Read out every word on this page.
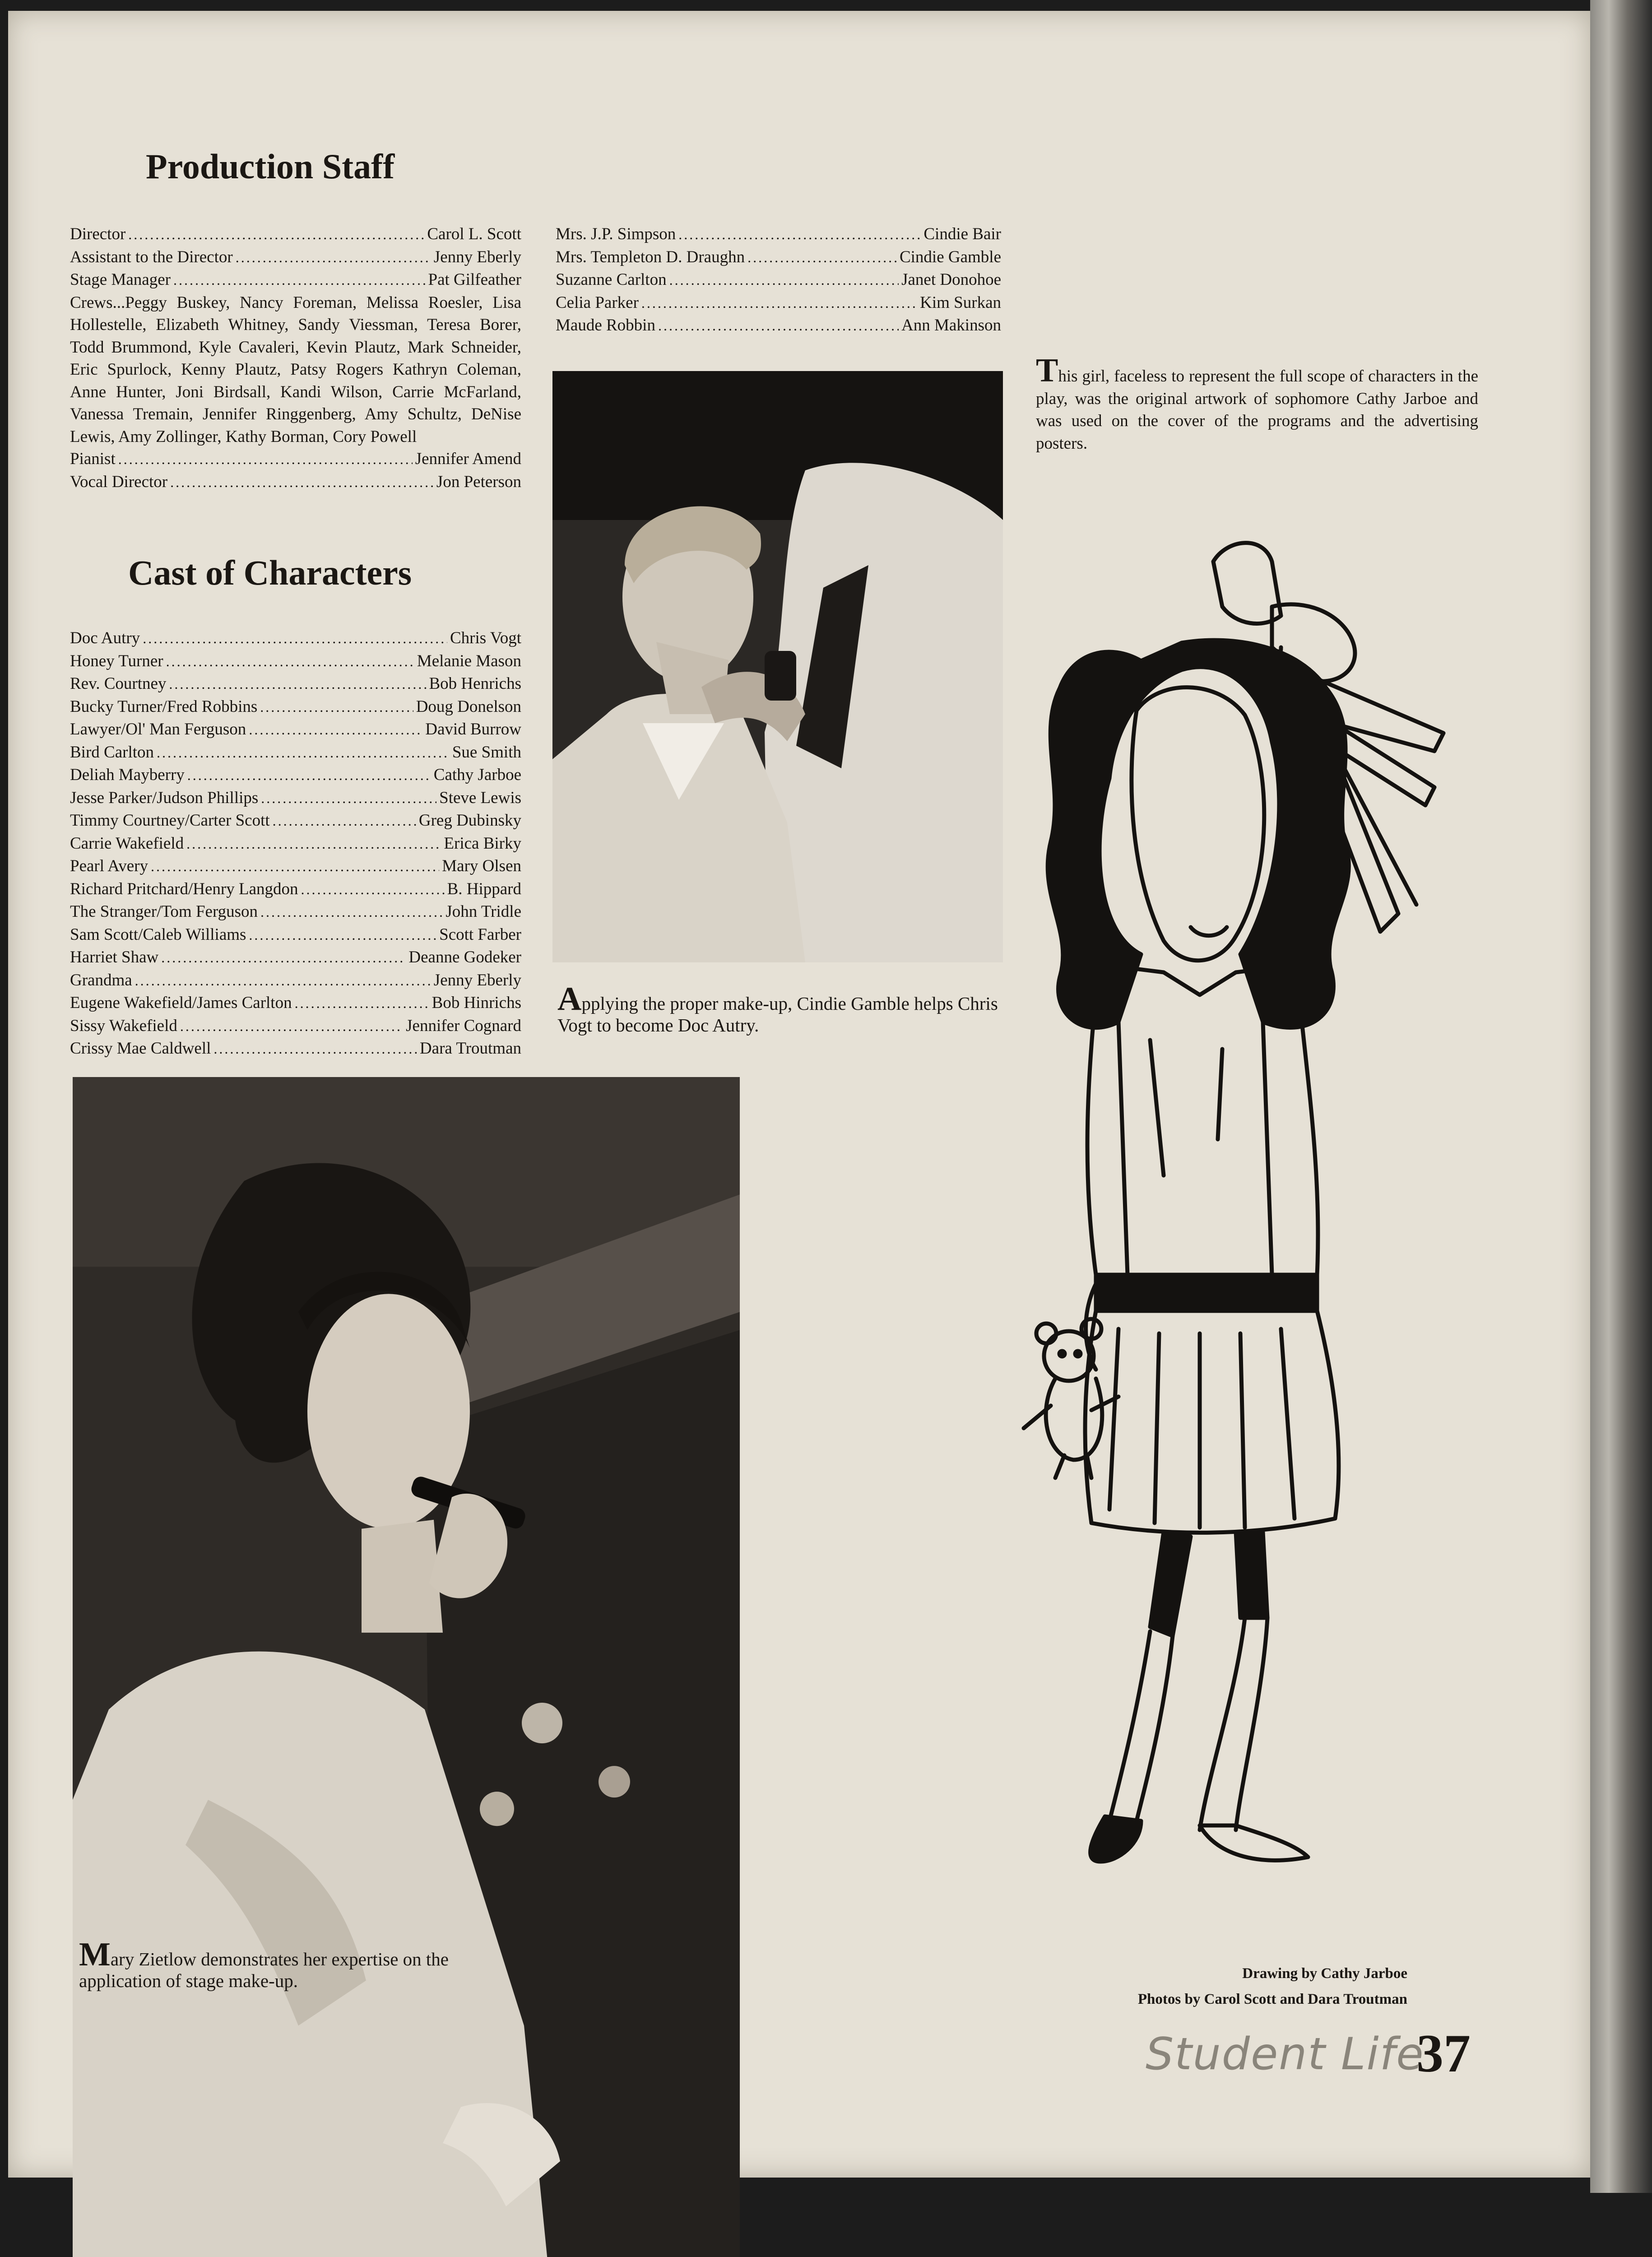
Production Staff
Director .....	Carol L. Scott
Assistant to the Director .....	Jenny Eberly
Stage Manager .....	Pat Gilfeather
Crews...Peggy Buskey, Nancy Foreman, Melissa Roesler, Lisa Hollestelle, Elizabeth Whitney, Sandy Viessman, Teresa Borer, Todd Brummond, Kyle Cavaleri, Kevin Plautz, Mark Schneider, Eric Spurlock, Kenny Plautz, Patsy Rogers Kathryn Coleman, Anne Hunter, Joni Birdsall, Kandi Wilson, Carrie McFarland, Vanessa Tremain, Jennifer Ringgenberg, Amy Schultz, DeNise Lewis, Amy Zollinger, Kathy Borman, Cory Powell
Pianist .....	Jennifer Amend
Vocal Director .....	Jon Peterson
Cast of Characters
Doc Autry .....	Chris Vogt
Honey Turner .....	Melanie Mason
Rev. Courtney .....	Bob Henrichs
Bucky Turner/Fred Robbins .....	Doug Donelson
Lawyer/Ol' Man Ferguson .....	David Burrow
Bird Carlton .....	Sue Smith
Deliah Mayberry .....	Cathy Jarboe
Jesse Parker/Judson Phillips .....	Steve Lewis
Timmy Courtney/Carter Scott .....	Greg Dubinsky
Carrie Wakefield .....	Erica Birky
Pearl Avery .....	Mary Olsen
Richard Pritchard/Henry Langdon .....	B. Hippard
The Stranger/Tom Ferguson .....	John Tridle
Sam Scott/Caleb Williams .....	Scott Farber
Harriet Shaw .....	Deanne Godeker
Grandma .....	Jenny Eberly
Eugene Wakefield/James Carlton .....	Bob Hinrichs
Sissy Wakefield .....	Jennifer Cognard
Crissy Mae Caldwell .....	Dara Troutman
Mrs. J.P. Simpson .....	Cindie Bair
Mrs. Templeton D. Draughn .....	Cindie Gamble
Suzanne Carlton .....	Janet Donohoe
Celia Parker .....	Kim Surkan
Maude Robbin .....	Ann Makinson
Applying the proper make-up, Cindie Gamble helps Chris Vogt to become Doc Autry.
Mary Zietlow demonstrates her expertise on the application of stage make-up.
This girl, faceless to represent the full scope of characters in the play, was the original artwork of sophomore Cathy Jarboe and was used on the cover of the programs and the advertising posters.
Drawing by Cathy Jarboe
Photos by Carol Scott and Dara Troutman
Student Life
37
